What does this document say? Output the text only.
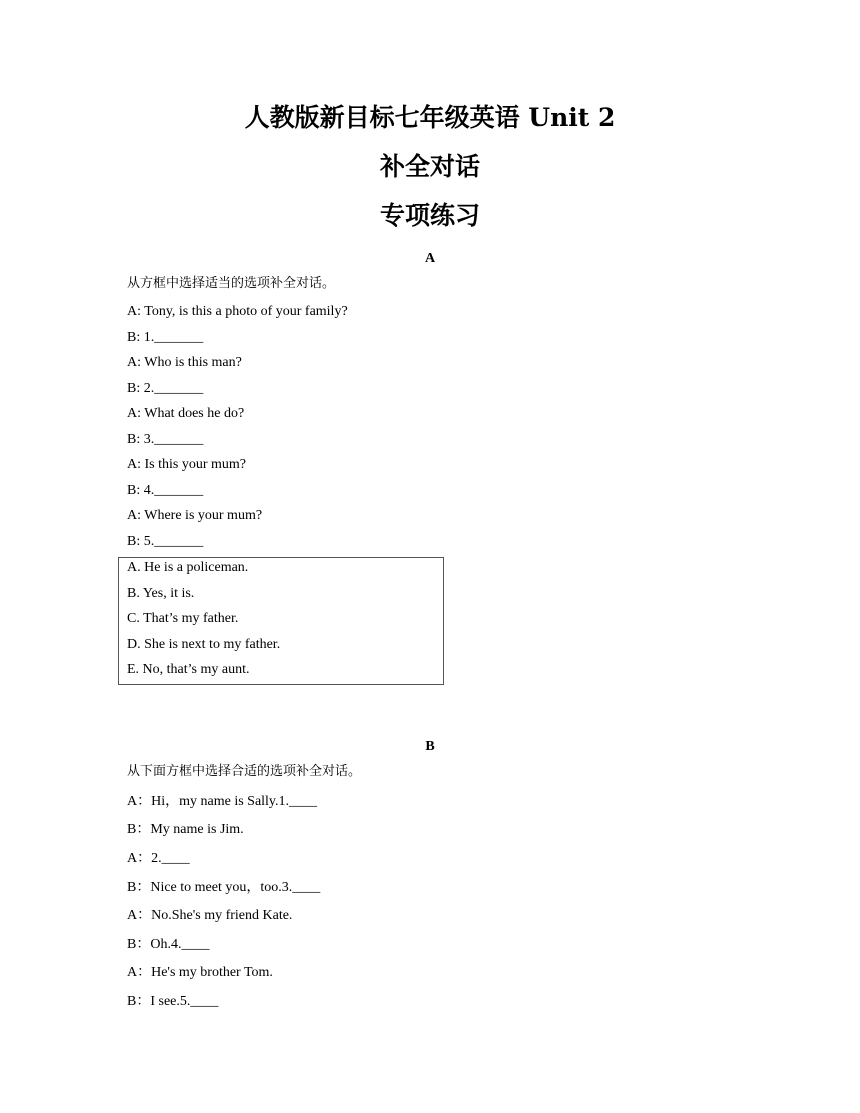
人教版新目标七年级英语 Unit 2
补全对话
专项练习
A
从方框中选择适当的选项补全对话。
A: Tony, is this a photo of your family?
B: 1._______
A: Who is this man?
B: 2._______
A: What does he do?
B: 3._______
A: Is this your mum?
B: 4._______
A: Where is your mum?
B: 5._______
A. He is a policeman.
B. Yes, it is.
C. That’s my father.
D. She is next to my father.
E. No, that’s my aunt.
B
从下面方框中选择合适的选项补全对话。
A：Hi，my name is Sally.1.____
B：My name is Jim.
A：2.____
B：Nice to meet you，too.3.____
A：No.She's my friend Kate.
B：Oh.4.____
A：He's my brother Tom.
B：I see.5.____
